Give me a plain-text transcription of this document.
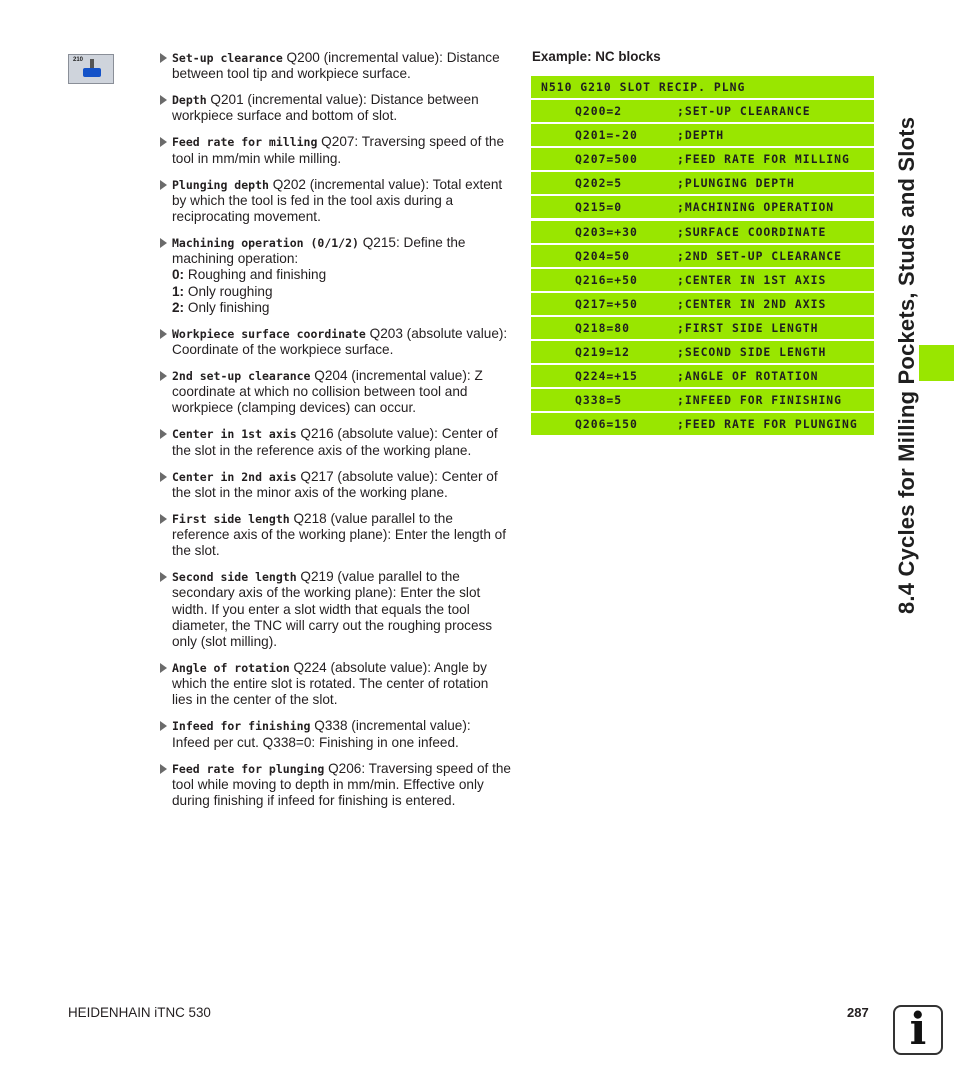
210	Set-up clearance Q200 (incremental value): Distance between tool tip and workpiece surface.
Depth Q201 (incremental value): Distance between workpiece surface and bottom of slot.
Feed rate for milling Q207: Traversing speed of the tool in mm/min while milling.
Plunging depth Q202 (incremental value): Total extent by which the tool is fed in the tool axis during a reciprocating movement.
Machining operation (0/1/2) Q215: Define the machining operation:
0: Roughing and finishing
1: Only roughing
2: Only finishing
Workpiece surface coordinate Q203 (absolute value): Coordinate of the workpiece surface.
2nd set-up clearance Q204 (incremental value): Z coordinate at which no collision between tool and workpiece (clamping devices) can occur.
Center in 1st axis Q216 (absolute value): Center of the slot in the reference axis of the working plane.
Center in 2nd axis Q217 (absolute value): Center of the slot in the minor axis of the working plane.
First side length Q218 (value parallel to the reference axis of the working plane): Enter the length of the slot.
Second side length Q219 (value parallel to the secondary axis of the working plane): Enter the slot width. If you enter a slot width that equals the tool diameter, the TNC will carry out the roughing process only (slot milling).
Angle of rotation Q224 (absolute value): Angle by which the entire slot is rotated. The center of rotation lies in the center of the slot.
Infeed for finishing Q338 (incremental value): Infeed per cut. Q338=0: Finishing in one infeed.
Feed rate for plunging Q206: Traversing speed of the tool while moving to depth in mm/min. Effective only during finishing if infeed for finishing is entered.
Example: NC blocks
N510 G210 SLOT RECIP. PLNG
Q200=2	;SET-UP CLEARANCE
Q201=-20	;DEPTH
Q207=500	;FEED RATE FOR MILLING
Q202=5	;PLUNGING DEPTH
Q215=0	;MACHINING OPERATION
Q203=+30	;SURFACE COORDINATE
Q204=50	;2ND SET-UP CLEARANCE
Q216=+50	;CENTER IN 1ST AXIS
Q217=+50	;CENTER IN 2ND AXIS
Q218=80	;FIRST SIDE LENGTH
Q219=12	;SECOND SIDE LENGTH
Q224=+15	;ANGLE OF ROTATION
Q338=5	;INFEED FOR FINISHING
Q206=150	;FEED RATE FOR PLUNGING 8.4 Cycles for Milling Pockets, Studs and Slots
HEIDENHAIN iTNC 530	287 i
